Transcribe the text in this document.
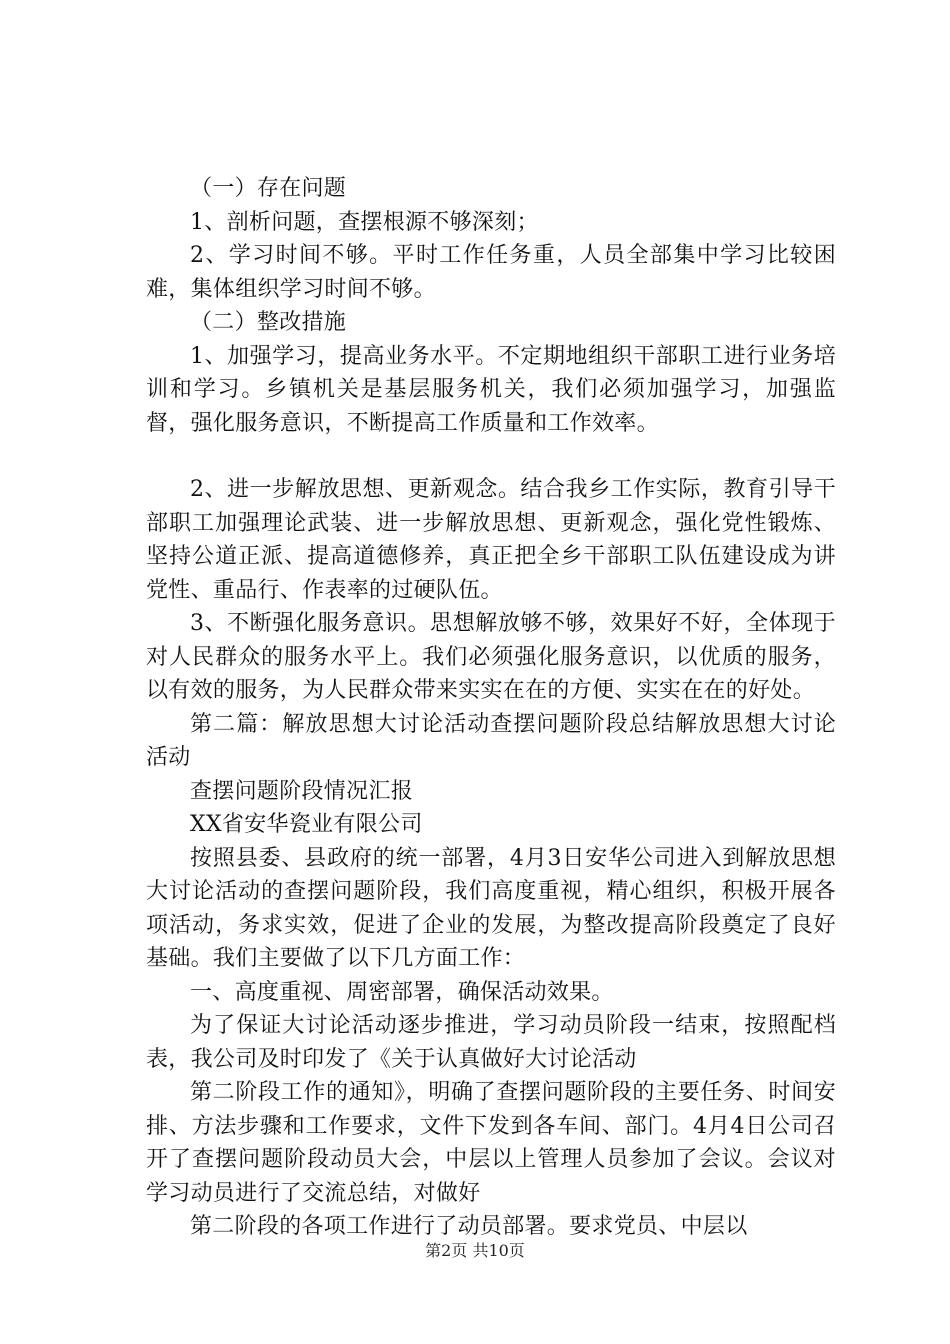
（一）存在问题

1、剖析问题，查摆根源不够深刻；

2、学习时间不够。平时工作任务重，人员全部集中学习比较困难，集体组织学习时间不够。

（二）整改措施

1、加强学习，提高业务水平。不定期地组织干部职工进行业务培训和学习。乡镇机关是基层服务机关，我们必须加强学习，加强监督，强化服务意识，不断提高工作质量和工作效率。

2、进一步解放思想、更新观念。结合我乡工作实际，教育引导干部职工加强理论武装、进一步解放思想、更新观念，强化党性锻炼、坚持公道正派、提高道德修养，真正把全乡干部职工队伍建设成为讲党性、重品行、作表率的过硬队伍。

3、不断强化服务意识。思想解放够不够，效果好不好，全体现于对人民群众的服务水平上。我们必须强化服务意识，以优质的服务，以有效的服务，为人民群众带来实实在在的方便、实实在在的好处。

第二篇：解放思想大讨论活动查摆问题阶段总结解放思想大讨论活动

查摆问题阶段情况汇报

XX省安华瓷业有限公司

按照县委、县政府的统一部署，4月3日安华公司进入到解放思想大讨论活动的查摆问题阶段，我们高度重视，精心组织，积极开展各项活动，务求实效，促进了企业的发展，为整改提高阶段奠定了良好基础。我们主要做了以下几方面工作：

一、高度重视、周密部署，确保活动效果。

为了保证大讨论活动逐步推进，学习动员阶段一结束，按照配档表，我公司及时印发了《关于认真做好大讨论活动

第二阶段工作的通知》，明确了查摆问题阶段的主要任务、时间安排、方法步骤和工作要求，文件下发到各车间、部门。4月4日公司召开了查摆问题阶段动员大会，中层以上管理人员参加了会议。会议对学习动员进行了交流总结，对做好

第二阶段的各项工作进行了动员部署。要求党员、中层以

第2页 共10页
